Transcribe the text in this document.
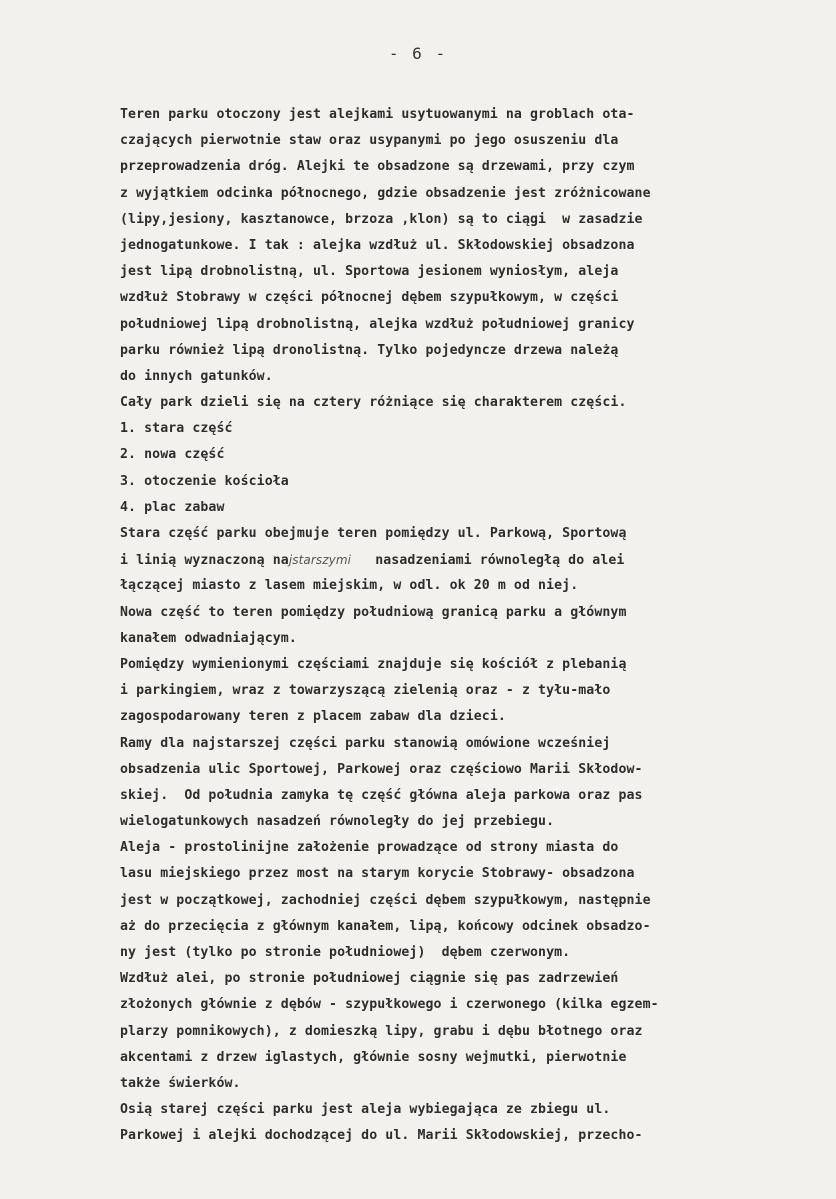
- 6 -
Teren parku otoczony jest alejkami usytuowanymi na groblach ota-
czających pierwotnie staw oraz usypanymi po jego osuszeniu dla
przeprowadzenia dróg. Alejki te obsadzone są drzewami, przy czym
z wyjątkiem odcinka północnego, gdzie obsadzenie jest zróżnicowane
(lipy,jesiony, kasztanowce, brzoza ,klon) są to ciągi  w zasadzie
jednogatunkowe. I tak : alejka wzdłuż ul. Skłodowskiej obsadzona
jest lipą drobnolistną, ul. Sportowa jesionem wyniosłym, aleja
wzdłuż Stobrawy w części północnej dębem szypułkowym, w części
południowej lipą drobnolistną, alejka wzdłuż południowej granicy
parku również lipą dronolistną. Tylko pojedyncze drzewa należą
do innych gatunków.
Cały park dzieli się na cztery różniące się charakterem części.
1. stara część
2. nowa część
3. otoczenie kościoła
4. plac zabaw
Stara część parku obejmuje teren pomiędzy ul. Parkową, Sportową
i linią wyznaczoną najstarszymi   nasadzeniami równoległą do alei
łączącej miasto z lasem miejskim, w odl. ok 20 m od niej.
Nowa część to teren pomiędzy południową granicą parku a głównym
kanałem odwadniającym.
Pomiędzy wymienionymi częściami znajduje się kościół z plebanią
i parkingiem, wraz z towarzyszącą zielenią oraz - z tyłu-mało
zagospodarowany teren z placem zabaw dla dzieci.
Ramy dla najstarszej części parku stanowią omówione wcześniej
obsadzenia ulic Sportowej, Parkowej oraz częściowo Marii Skłodow-
skiej.  Od południa zamyka tę część główna aleja parkowa oraz pas
wielogatunkowych nasadzeń równoległy do jej przebiegu.
Aleja - prostolinijne założenie prowadzące od strony miasta do
lasu miejskiego przez most na starym korycie Stobrawy- obsadzona
jest w początkowej, zachodniej części dębem szypułkowym, następnie
aż do przecięcia z głównym kanałem, lipą, końcowy odcinek obsadzo-
ny jest (tylko po stronie południowej)  dębem czerwonym.
Wzdłuż alei, po stronie południowej ciągnie się pas zadrzewień
złożonych głównie z dębów - szypułkowego i czerwonego (kilka egzem-
plarzy pomnikowych), z domieszką lipy, grabu i dębu błotnego oraz
akcentami z drzew iglastych, głównie sosny wejmutki, pierwotnie
także świerków.
Osią starej części parku jest aleja wybiegająca ze zbiegu ul.
Parkowej i alejki dochodzącej do ul. Marii Skłodowskiej, przecho-
